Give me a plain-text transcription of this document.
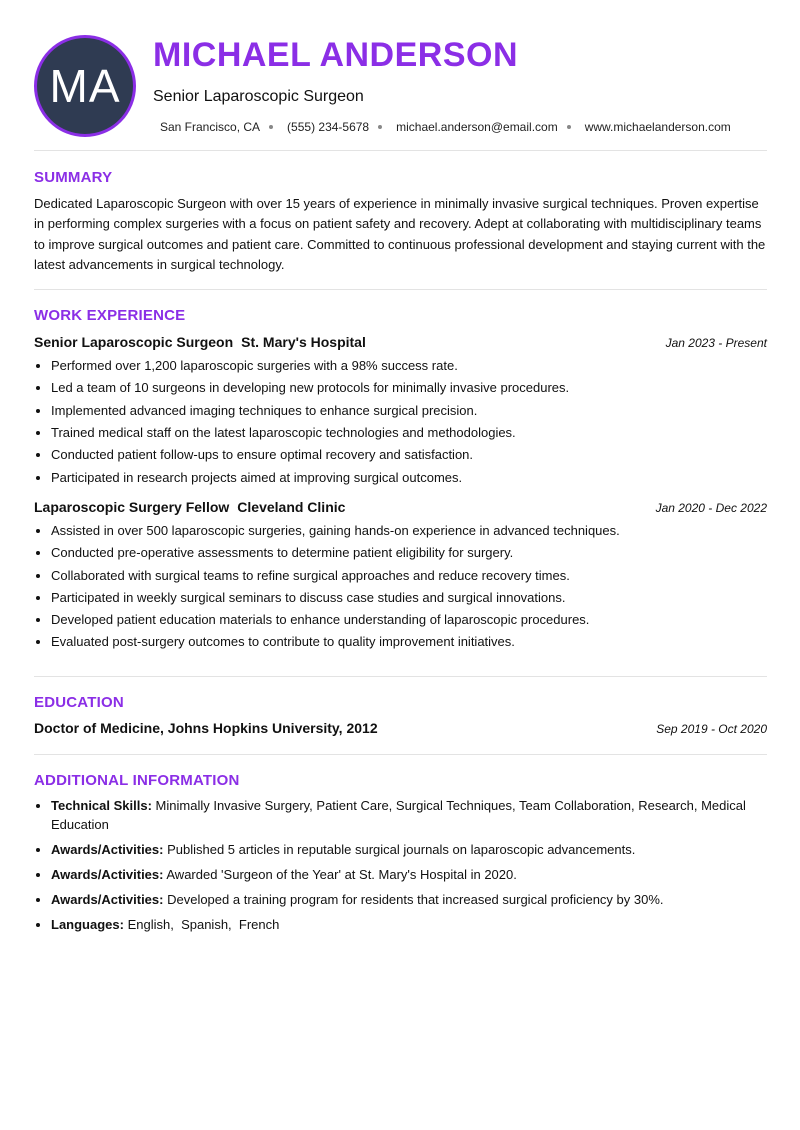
MA
MICHAEL ANDERSON
Senior Laparoscopic Surgeon
San Francisco, CA (555) 234-5678 michael.anderson@email.com www.michaelanderson.com
SUMMARY

Dedicated Laparoscopic Surgeon with over 15 years of experience in minimally invasive surgical techniques. Proven expertise in performing complex surgeries with a focus on patient safety and recovery. Adept at collaborating with multidisciplinary teams to improve surgical outcomes and patient care. Committed to continuous professional development and staying current with the latest advancements in surgical technology.

WORK EXPERIENCE
Senior Laparoscopic Surgeon St. Mary's Hospital	Jan 2023 - Present
• Performed over 1,200 laparoscopic surgeries with a 98% success rate.
• Led a team of 10 surgeons in developing new protocols for minimally invasive procedures.
• Implemented advanced imaging techniques to enhance surgical precision.
• Trained medical staff on the latest laparoscopic technologies and methodologies.
• Conducted patient follow-ups to ensure optimal recovery and satisfaction.
• Participated in research projects aimed at improving surgical outcomes.
Laparoscopic Surgery Fellow Cleveland Clinic	Jan 2020 - Dec 2022
• Assisted in over 500 laparoscopic surgeries, gaining hands-on experience in advanced techniques.
• Conducted pre-operative assessments to determine patient eligibility for surgery.
• Collaborated with surgical teams to refine surgical approaches and reduce recovery times.
• Participated in weekly surgical seminars to discuss case studies and surgical innovations.
• Developed patient education materials to enhance understanding of laparoscopic procedures.
• Evaluated post-surgery outcomes to contribute to quality improvement initiatives.
EDUCATION
Doctor of Medicine, Johns Hopkins University, 2012	Sep 2019 - Oct 2020
ADDITIONAL INFORMATION
• Technical Skills: Minimally Invasive Surgery, Patient Care, Surgical Techniques, Team Collaboration, Research, Medical Education
• Awards/Activities: Published 5 articles in reputable surgical journals on laparoscopic advancements.
• Awards/Activities: Awarded 'Surgeon of the Year' at St. Mary's Hospital in 2020.
• Awards/Activities: Developed a training program for residents that increased surgical proficiency by 30%.
• Languages: English,  Spanish,  French
